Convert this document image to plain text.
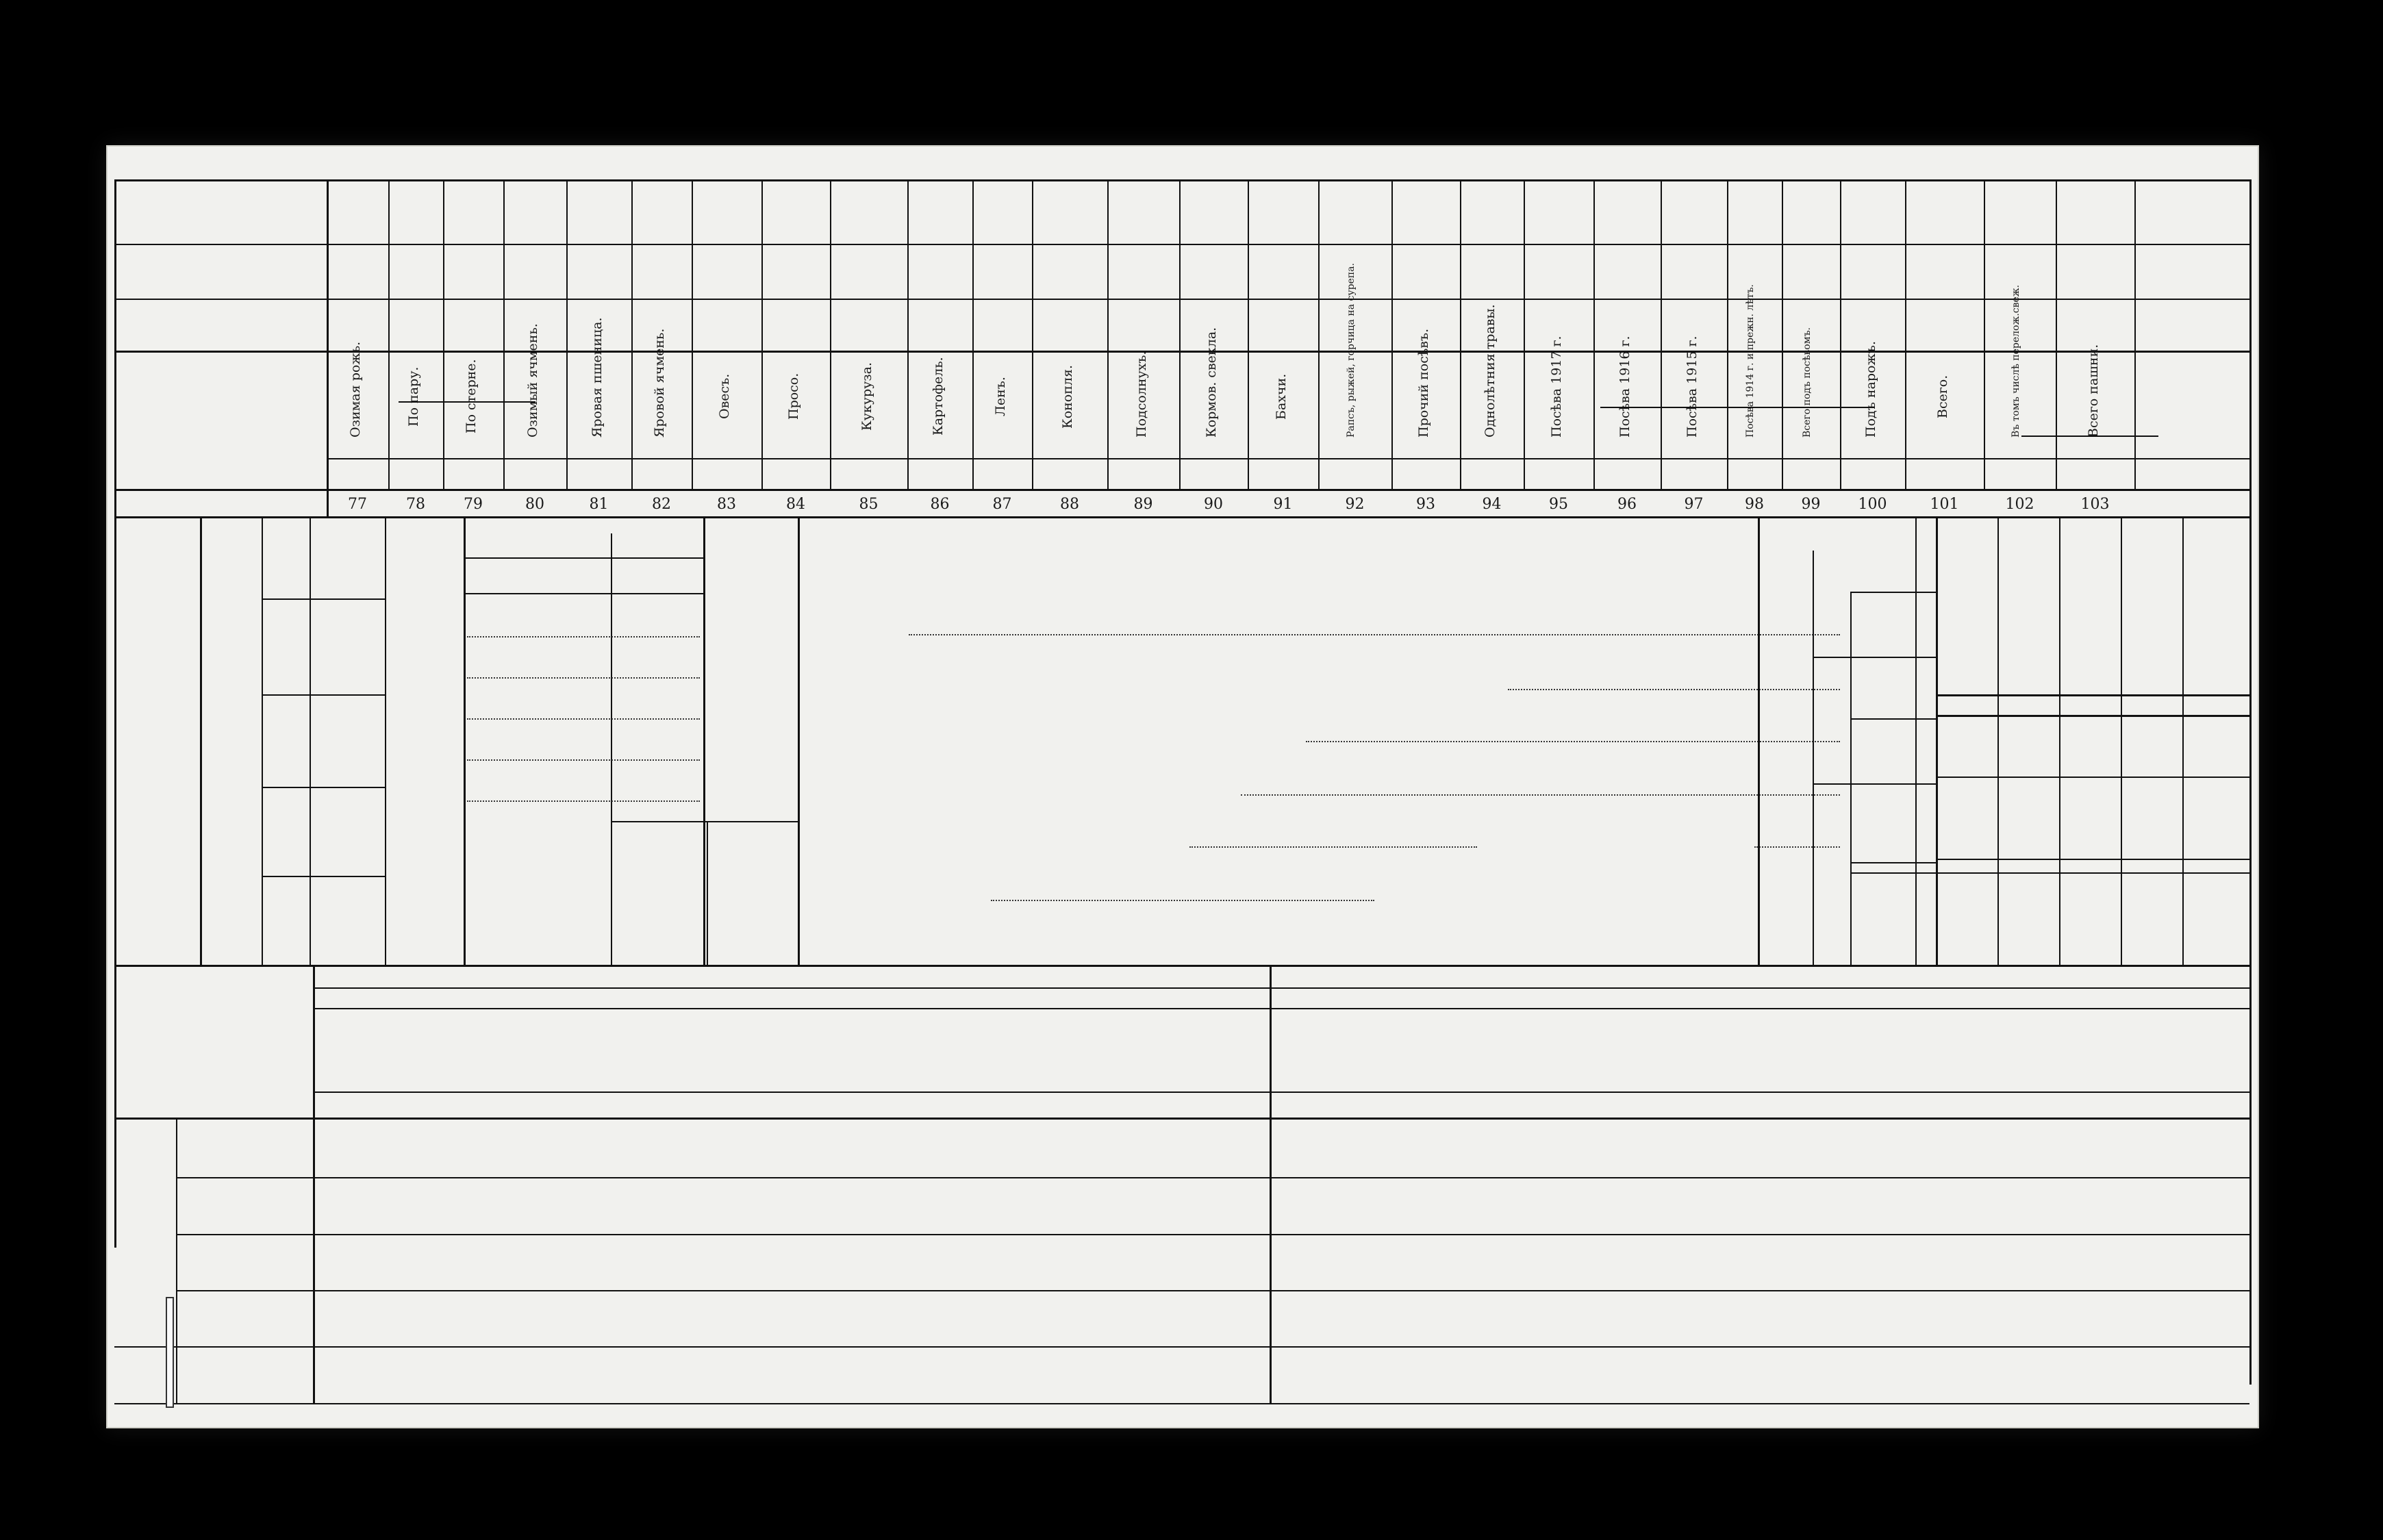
Озимая рожь.
77
По пару.
78
По стерне.
79
Озимый ячмень.
80
Яровая пшеница.
81
Яровой ячмень.
82
Овесъ.
83
Просо.
84
Кукуруза.
85
Картофель.
86
Ленъ.
87
Конопля.
88
Подсолнухъ.
89
Кормов. свекла.
90
Бахчи.
91
Рапсъ, рыжей, горчица на сурепа.
92
Прочий посѣвъ.
93
Однолѣтния травы.
94
Посѣва 1917 г.
95
Посѣва 1916 г.
96
Посѣва 1915 г.
97
Посѣва 1914 г. и прежн. лѣтъ.
98
Всего подъ посѣвомъ.
99
Подъ нарожъ.
100
Всего.
101
Въ томъ числѣ перелож.свеж.
102
Всего пашни.
103
